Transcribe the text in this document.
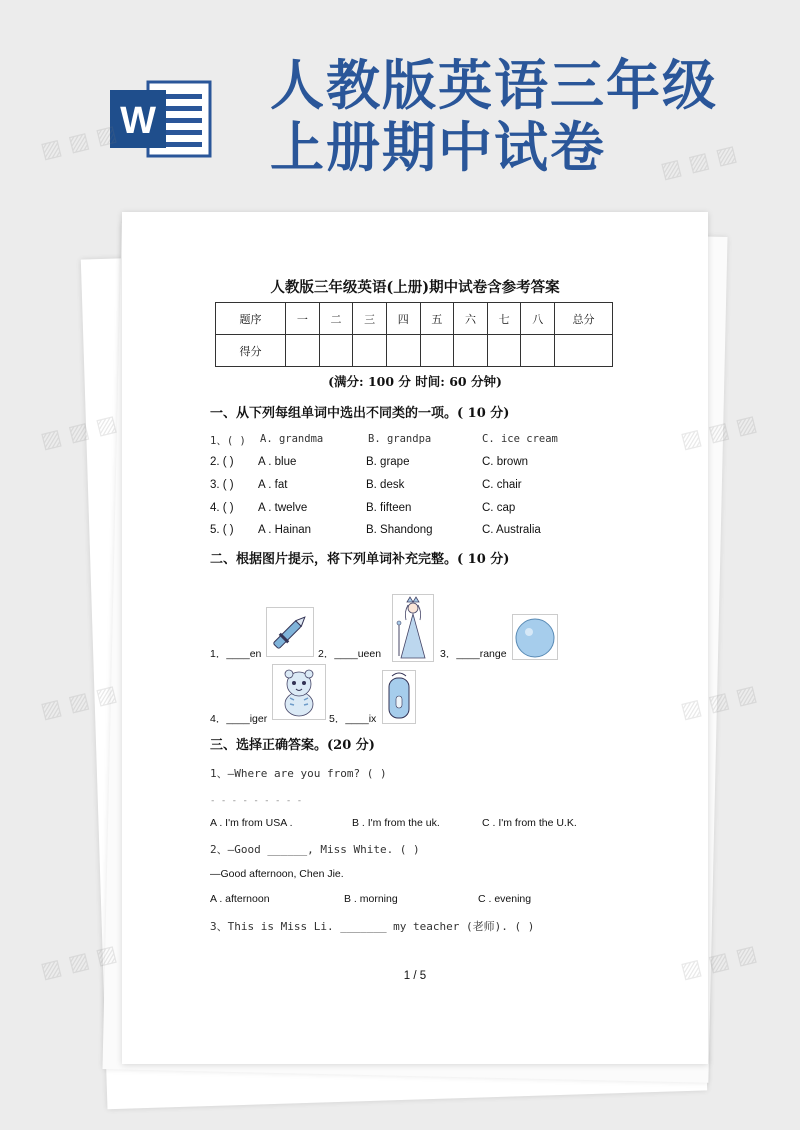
W
人教版英语三年级
上册期中试卷
人教版三年级英语(上册)期中试卷含参考答案
题序	一	二	三	四	五	六	七	八	总分
得分									
(满分: 100 分 时间: 60 分钟)
一、从下列每组单词中选出不同类的一项。( 10 分)
1、( ) A. grandma	B. grandpa	C. ice cream
2. ( ) A . blue	B. grape	C. brown
3. ( ) A . fat	B. desk	C. chair
4. ( ) A . twelve	B. fifteen	C. cap
5. ( ) A . Hainan	B. Shandong	C. Australia
二、根据图片提示，将下列单词补充完整。( 10 分)
1．____en	2．____ueen	3．____range
4．____iger	5．____ix
三、选择正确答案。(20 分)
1、—Where are you from? ( )
- - - - - - - - -
A . I'm from USA .	B . I'm from the uk.	C . I'm from the U.K.
2、—Good ______, Miss White. ( )
—Good afternoon, Chen Jie.
A . afternoon	B . morning	C . evening
3、This is Miss Li. _______ my teacher (老师). ( )
1 / 5
▨ ▨ ▨	▨ ▨ ▨
▨ ▨ ▨	▨
▨ ▨ ▨	▨ ▨ ▨
▨ ▨ ▨	▨ ▨ ▨
